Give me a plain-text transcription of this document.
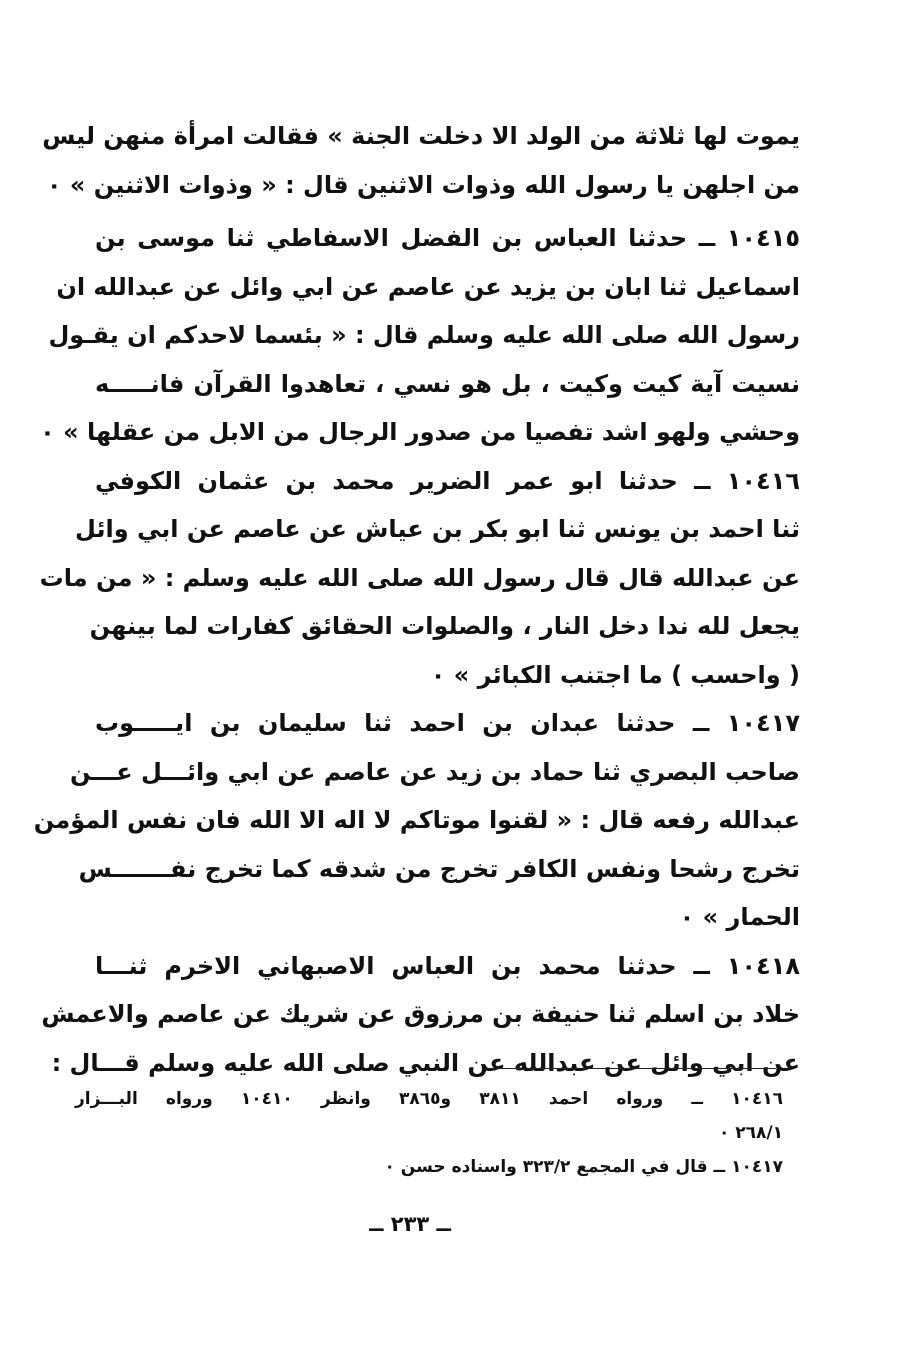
يموت لها ثلاثة من الولد الا دخلت الجنة » فقالت امرأة منهن ليس
من اجلهن يا رسول الله وذوات الاثنين قال : « وذوات الاثنين » ٠
١٠٤١٥ ــ حدثنا العباس بن الفضل الاسفاطي ثنا موسى بن
اسماعيل ثنا ابان بن يزيد عن عاصم عن ابي وائل عن عبدالله ان
رسول الله صلى الله عليه وسلم قال : « بئسما لاحدكم ان يقـول
نسيت آية كيت وكيت ، بل هو نسي ، تعاهدوا القرآن فانـــــه
وحشي ولهو اشد تفصيا من صدور الرجال من الابل من عقلها » ٠
١٠٤١٦ ــ حدثنا ابو عمر الضرير محمد بن عثمان الكوفي
ثنا احمد بن يونس ثنا ابو بكر بن عياش عن عاصم عن ابي وائل
عن عبدالله قال قال رسول الله صلى الله عليه وسلم : « من مات
يجعل لله ندا دخل النار ، والصلوات الحقائق كفارات لما بينهن
( واحسب ) ما اجتنب الكبائر » ٠
١٠٤١٧ ــ حدثنا عبدان بن احمد ثنا سليمان بن ايـــــوب
صاحب البصري ثنا حماد بن زيد عن عاصم عن ابي وائـــل عـــن
عبدالله رفعه قال : « لقنوا موتاكم لا اله الا الله فان نفس المؤمن
تخرج رشحا ونفس الكافر تخرج من شدقه كما تخرج نفـــــــس
الحمار » ٠
١٠٤١٨ ــ حدثنا محمد بن العباس الاصبهاني الاخرم ثنـــا
خلاد بن اسلم ثنا حنيفة بن مرزوق عن شريك عن عاصم والاعمش
عن ابي وائل عن عبدالله عن النبي صلى الله عليه وسلم قـــال :
١٠٤١٦ ــ ورواه احمد ٣٨١١ و٣٨٦٥ وانظر ١٠٤١٠ ورواه البـــزار
٢٦٨/١ ٠
١٠٤١٧ ــ قال في المجمع ٣٢٣/٢ واسناده حسن ٠
ــ ٢٣٣ ــ
